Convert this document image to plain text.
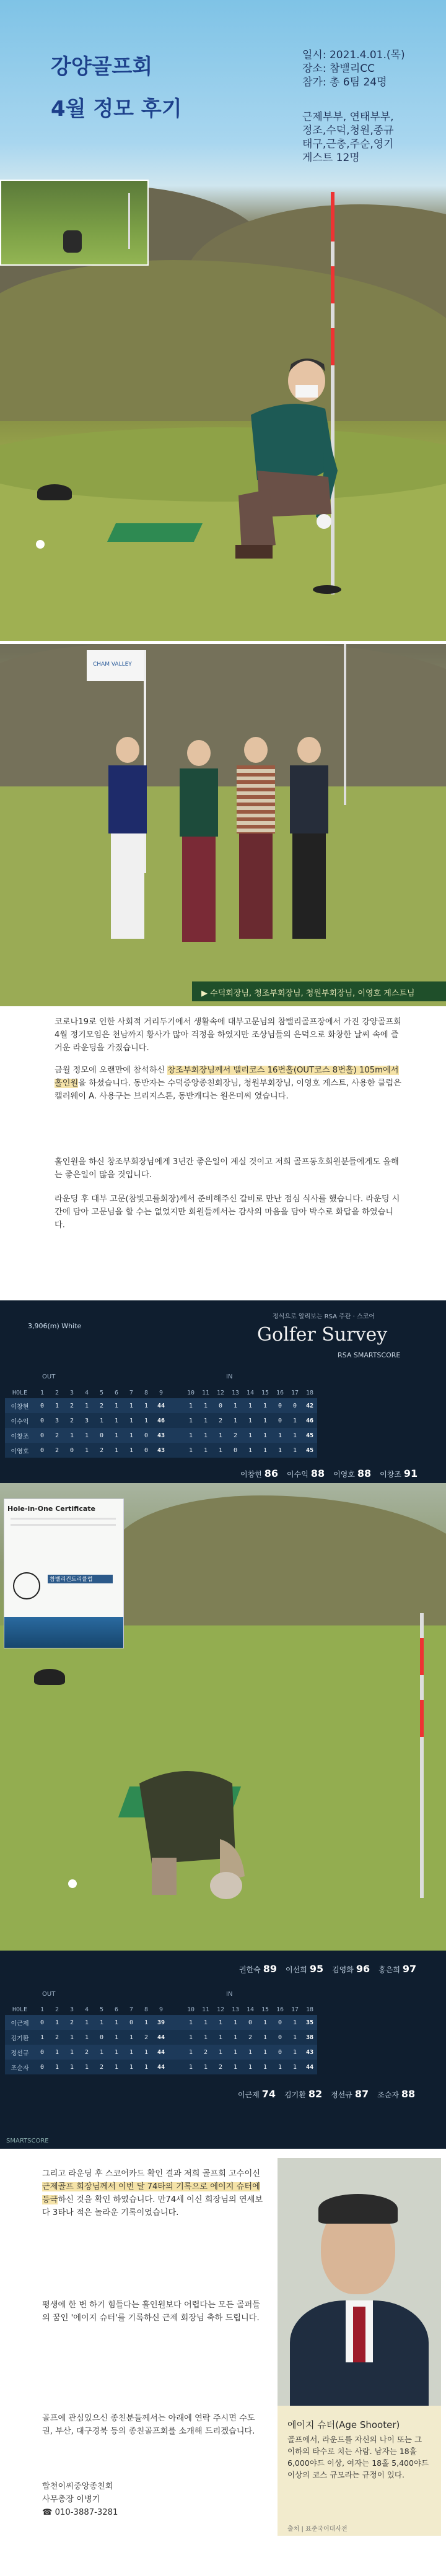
강양골프회
4월 정모 후기
일시: 2021.4.01.(목)
장소: 참밸리CC
참가: 총 6팀 24명
근제부부, 연태부부,
정조,수덕,청원,종규
태구,근충,주순,영기
게스트 12명
CHAM VALLEY
▶ 수덕회장님, 청조부회장님, 청원부회장님, 이영호 게스트님

코로나19로 인한 사회적 거리두기에서 생활속에 대부고문님의 참밸리골프장에서 가진 강양골프회 4월 정기모임은 천남까지 황사가 많아 걱정을 하였지만 조상님들의 은덕으로 화창한 날씨 속에 즐거운 라운딩을 가졌습니다.

금월 정모에 오랜만에 참석하신 창조부회장님께서 밸리코스 16번홀(OUT코스 8번홀) 105m에서 홀인원을 하셨습니다. 동반자는 수덕증앙종친회장님, 청원부회장님, 이영호 게스트, 사용한 클럽은 캘러웨이 A. 사용구는 브리지스톤, 동반캐디는 원은미씨 였습니다.

홀인원을 하신 창조부회장님에게 3년간 좋은일이 계실 것이고 저희 골프동호회원분들에게도 올해는 좋은일이 많을 것입니다.

라운딩 후 대부 고문(참빛고를회장)께서 준비해주신 갈비로 만난 점심 식사를 했습니다. 라운딩 시간에 담아 고문님을 할 수는 없었지만 회원들께서는 감사의 마음을 담아 박수로 화답을 하였습니다.

3,906(m) White
정식으로 알리보는 RSA 주관 · 스코어
Golfer Survey
RSA SMARTSCORE
OUT	IN
HOLE	1	2	3	4	5	6	7	8	9		10	11	12	13	14	15	16	17	18	
이창현	0	1	2	1	2	1	1	1	44		1	1	0	1	1	1	0	0	42	
이수익	0	3	2	3	1	1	1	1	46		1	1	2	1	1	1	0	1	46	
이창조	0	2	1	1	0	1	1	0	43		1	1	1	2	1	1	1	1	45	
이영호	0	2	0	1	2	1	1	0	43		1	1	1	0	1	1	1	1	45	
이창현 86 이수익 88 이영호 88 이창조 91
Hole-in-One Certificate
참밸리컨트리클럽
권한숙 89 이선희 95 김영화 96 홍은희 97
OUT	IN
HOLE	1	2	3	4	5	6	7	8	9		10	11	12	13	14	15	16	17	18	
이근제	0	1	2	1	1	1	0	1	39		1	1	1	1	0	1	0	1	35	
김기환	1	2	1	1	0	1	1	2	44		1	1	1	1	2	1	0	1	38	
정선규	0	1	1	2	1	1	1	1	44		1	2	1	1	1	1	0	1	43	
조순자	0	1	1	1	2	1	1	1	44		1	1	2	1	1	1	1	1	44	
이근제 74 김기환 82 정선규 87 조순자 88
SMARTSCORE
에이지 슈터(Age Shooter)

골프에서, 라운드를 자신의 나이 또는 그 이하의 타수로 치는 사람. 남자는 18홀 6,000야드 이상, 여자는 18홀 5,400야드 이상의 코스 규모라는 규정이 있다.

출처 | 표준국어대사전

그리고 라운딩 후 스코어카드 확인 결과 저희 골프회 고수이신 근제골프 회장님께서 이번 달 74타의 기록으로 에이지 슈터에 등극하신 것을 확인 하였습니다. 만74세 이신 회장님의 연세보다 3타나 적은 놀라운 기록이었습니다.

평생에 한 번 하기 힘들다는 홀인원보다 어렵다는 모든 골퍼들의 꿈인 '에이지 슈터'를 기록하신 근제 회장님 축하 드립니다.

골프에 관심있으신 종친분들께서는 아래에 연락 주시면 수도권, 부산, 대구경북 등의 종친골프회를 소개해 드리겠습니다.

합천이씨중앙종친회
사무총장 이병기
☎ 010-3887-3281
